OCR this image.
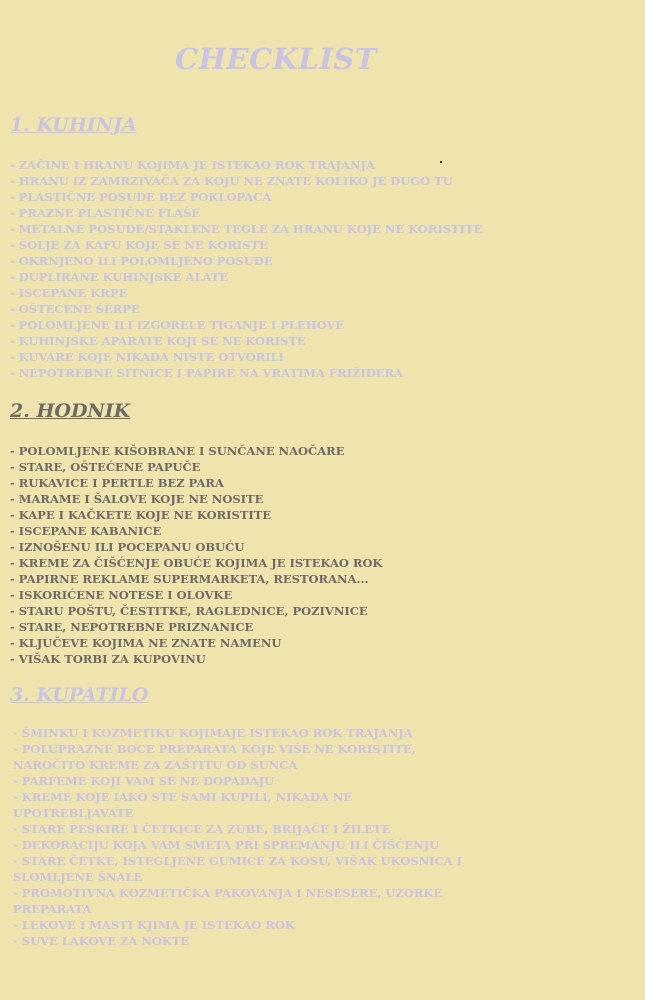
CHECKLIST
1. KUHINJA
- ZAČINE I HRANU KOJIMA JE ISTEKAO ROK TRAJANJA
- HRANU IZ ZAMRZIVAČA ZA KOJU NE ZNATE KOLIKO JE DUGO TU
- PLASTIČNE POSUDE BEZ POKLOPACA
- PRAZNE PLASTIČNE FLAŠE
- METALNE POSUDE/STAKLENE TEGLE ZA HRANU KOJE NE KORISTITE
- ŠOLJE ZA KAFU KOJE SE NE KORISTE
- OKRNJENO ILI POLOMLJENO POSUĐE
- DUPLIRANE KUHINJSKE ALATE
- ISCEPANE KRPE
- OŠTEĆENE ŠERPE
- POLOMLJENE ILI IZGORELE TIGANJE I PLEHOVE
- KUHINJSKE APARATE KOJI SE NE KORISTE
- KUVARE KOJE NIKADA NISTE OTVORILI
- NEPOTREBNE SITNICE I PAPIRE NA VRATIMA FRIŽIDERA
2. HODNIK
- POLOMLJENE KIŠOBRANE I SUNČANE NAOČARE
- STARE, OŠTEĆENE PAPUČE
- RUKAVICE I PERTLE BEZ PARA
- MARAME I ŠALOVE KOJE NE NOSITE
- KAPE I KAČKETE KOJE NE KORISTITE
- ISCEPANE KABANICE
- IZNOŠENU ILI POCEPANU OBUĆU
- KREME ZA ČIŠĆENJE OBUĆE KOJIMA JE ISTEKAO ROK
- PAPIRNE REKLAME SUPERMARKETA, RESTORANA...
- ISKORIĆENE NOTESE I OLOVKE
- STARU POŠTU, ČESTITKE, RAGLEDNICE, POZIVNICE
- STARE, NEPOTREBNE PRIZNANICE
- KLJUČEVE KOJIMA NE ZNATE NAMENU
- VIŠAK TORBI ZA KUPOVINU
3. KUPATILO
- ŠMINKU I KOZMETIKU KOJIMAJE ISTEKAO ROK TRAJANJA
- POLUPRAZNE BOCE PREPARATA KOJE VIŠE NE KORISTITE,
NAROČITO KREME ZA ZAŠTITU OD SUNCA
- PARFEME KOJI VAM SE NE DOPADAJU
- KREME KOJE IAKO STE SAMI KUPILI, NIKADA NE
UPOTREBLJAVATE
- STARE PEŠKIRE I ČETKICE ZA ZUBE, BRIJAČE I ŽILETE
- DEKORACIJU KOJA VAM SMETA PRI SPREMANJU ILI ČIŠĆENJU
- STARE ČETKE, ISTEGLJENE GUMICE ZA KOSU, VIŠAK UKOSNICA I
SLOMLJENE ŠNALE
- PROMOTIVNA KOZMETIČKA PAKOVANJA I NESESERE, UZORKE
PREPARATA
- LEKOVE I MASTI KJIMA JE ISTEKAO ROK
- SUVE LAKOVE ZA NOKTE
